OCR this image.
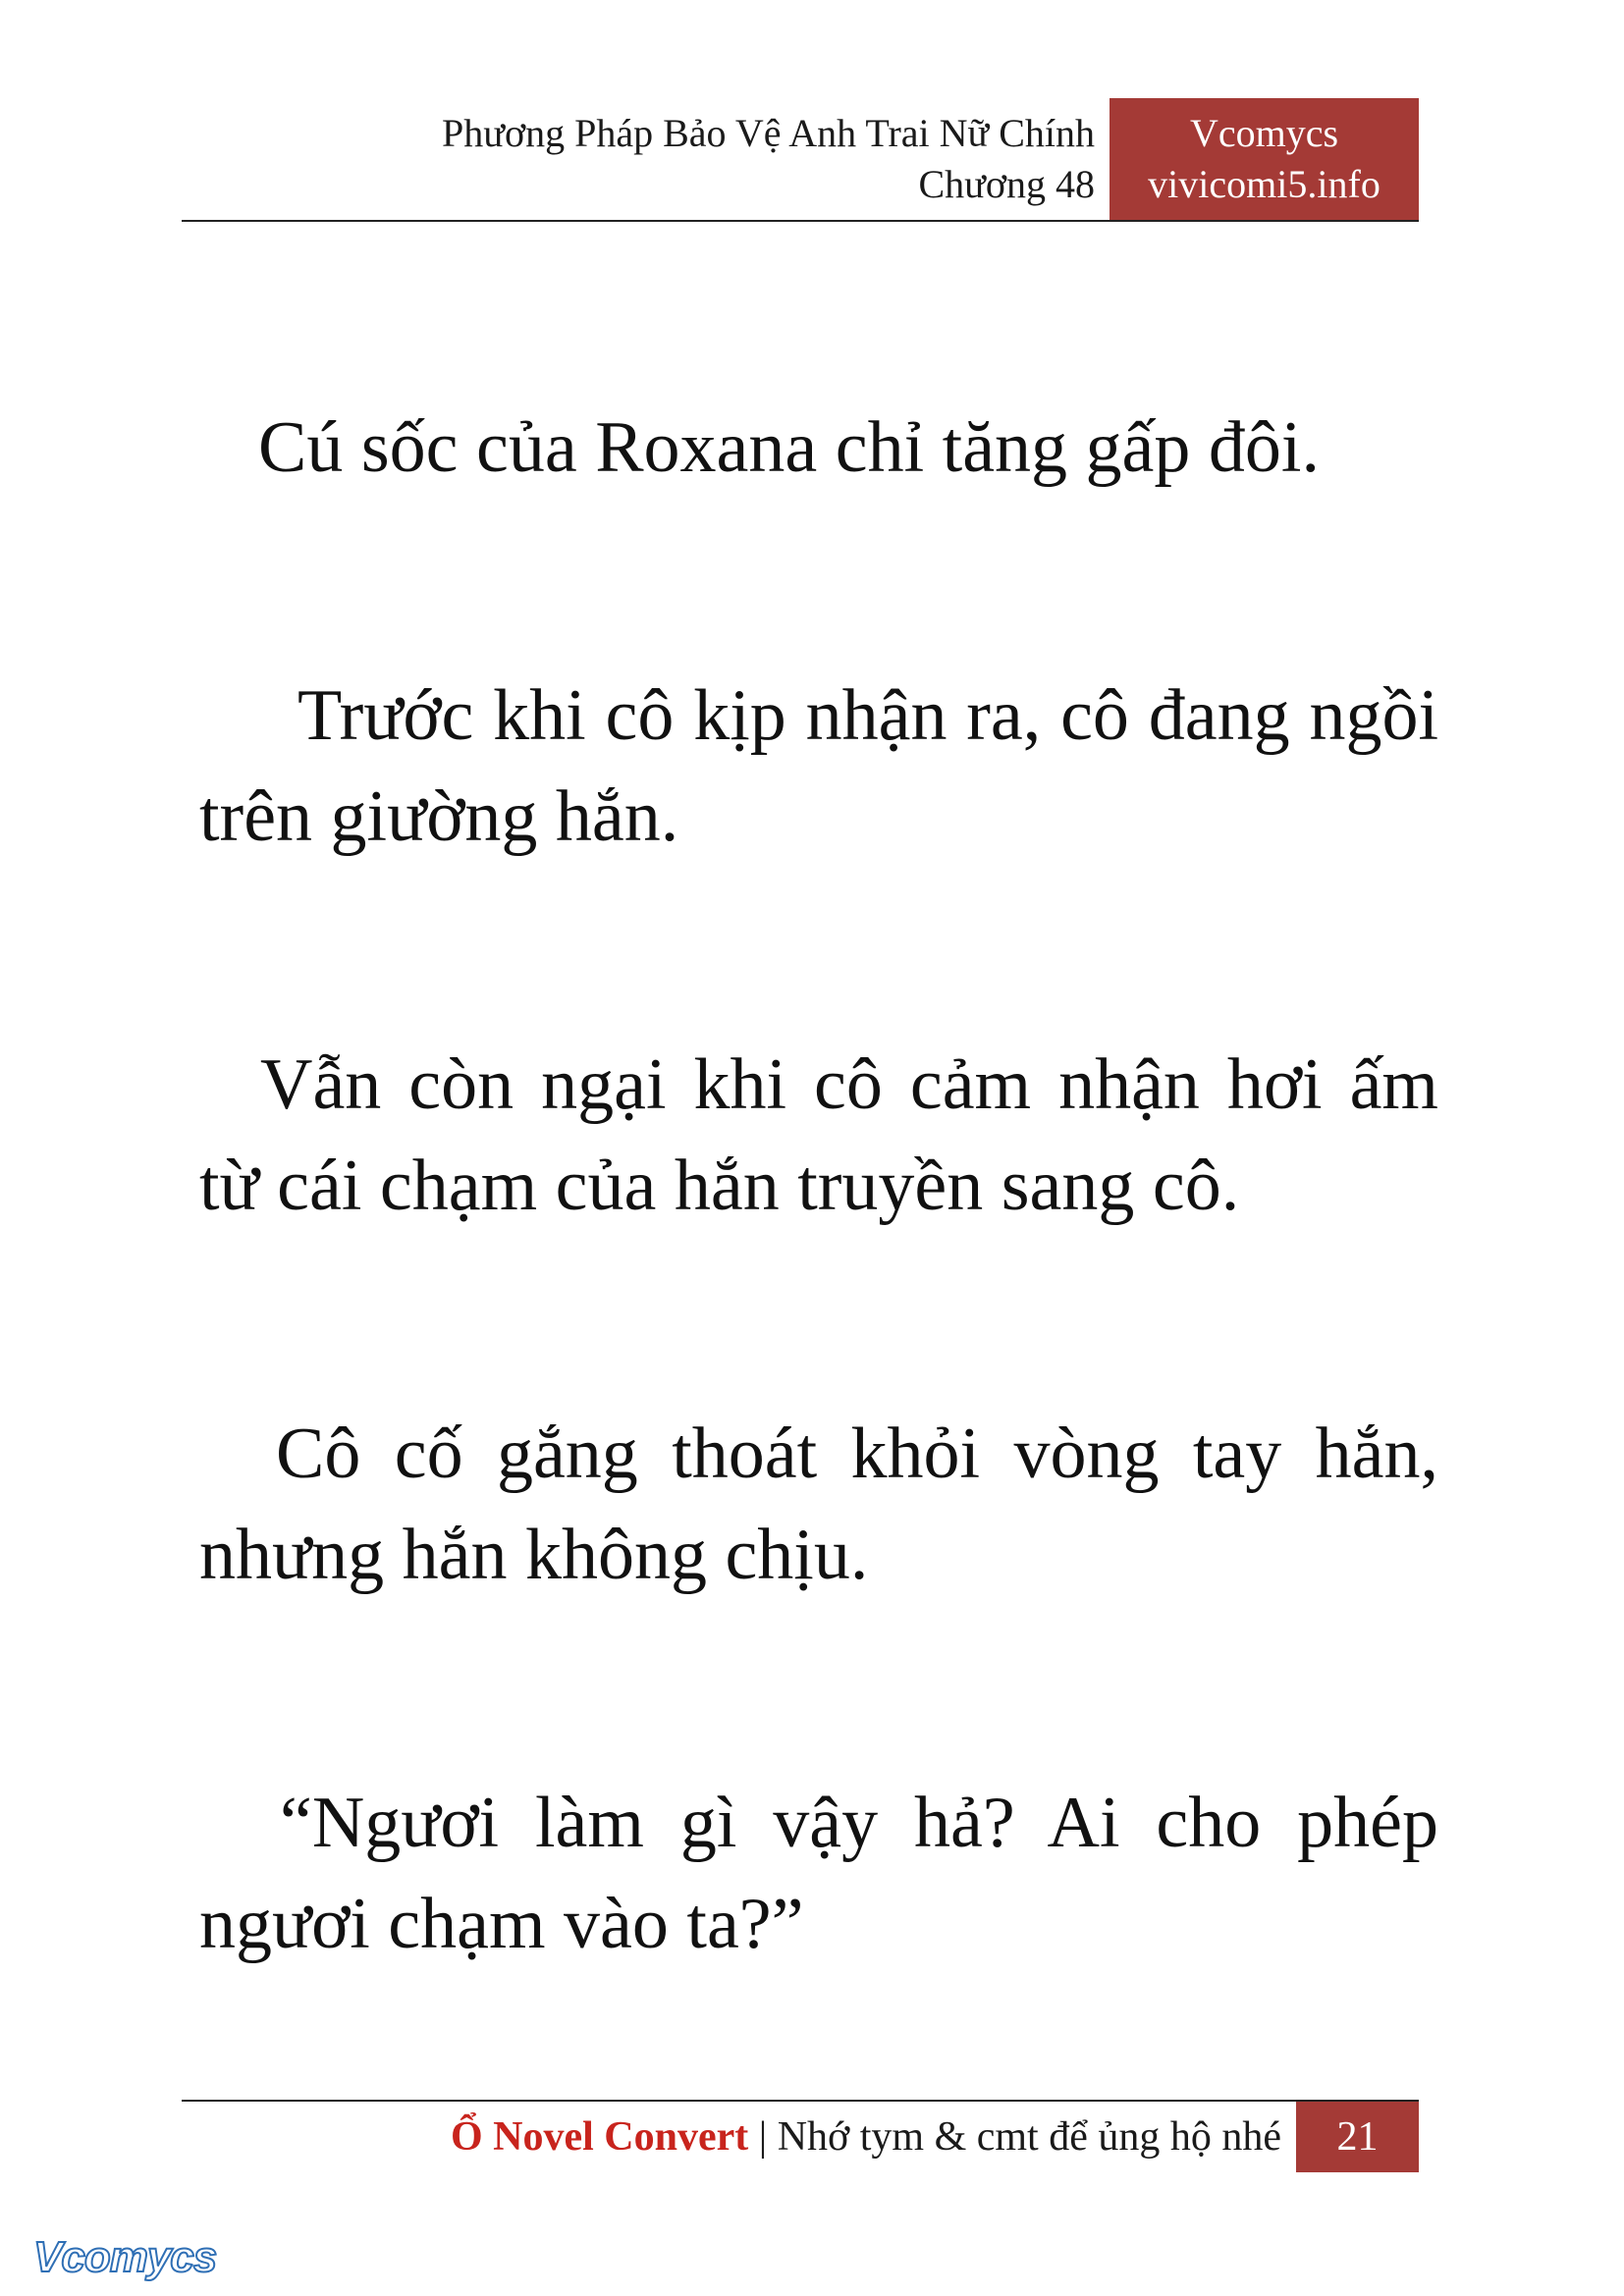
Phương Pháp Bảo Vệ Anh Trai Nữ Chính
Chương 48
Vcomycs
vivicomi5.info

Cú sốc của Roxana chỉ tăng gấp đôi.

Trước khi cô kịp nhận ra, cô đang ngồi trên giường hắn.

Vẫn còn ngại khi cô cảm nhận hơi ấm từ cái chạm của hắn truyền sang cô.

Cô cố gắng thoát khỏi vòng tay hắn, nhưng hắn không chịu.

“Ngươi làm gì vậy hả? Ai cho phép ngươi chạm vào ta?”

Ổ Novel Convert | Nhớ tym & cmt để ủng hộ nhé	21
Vcomycs
